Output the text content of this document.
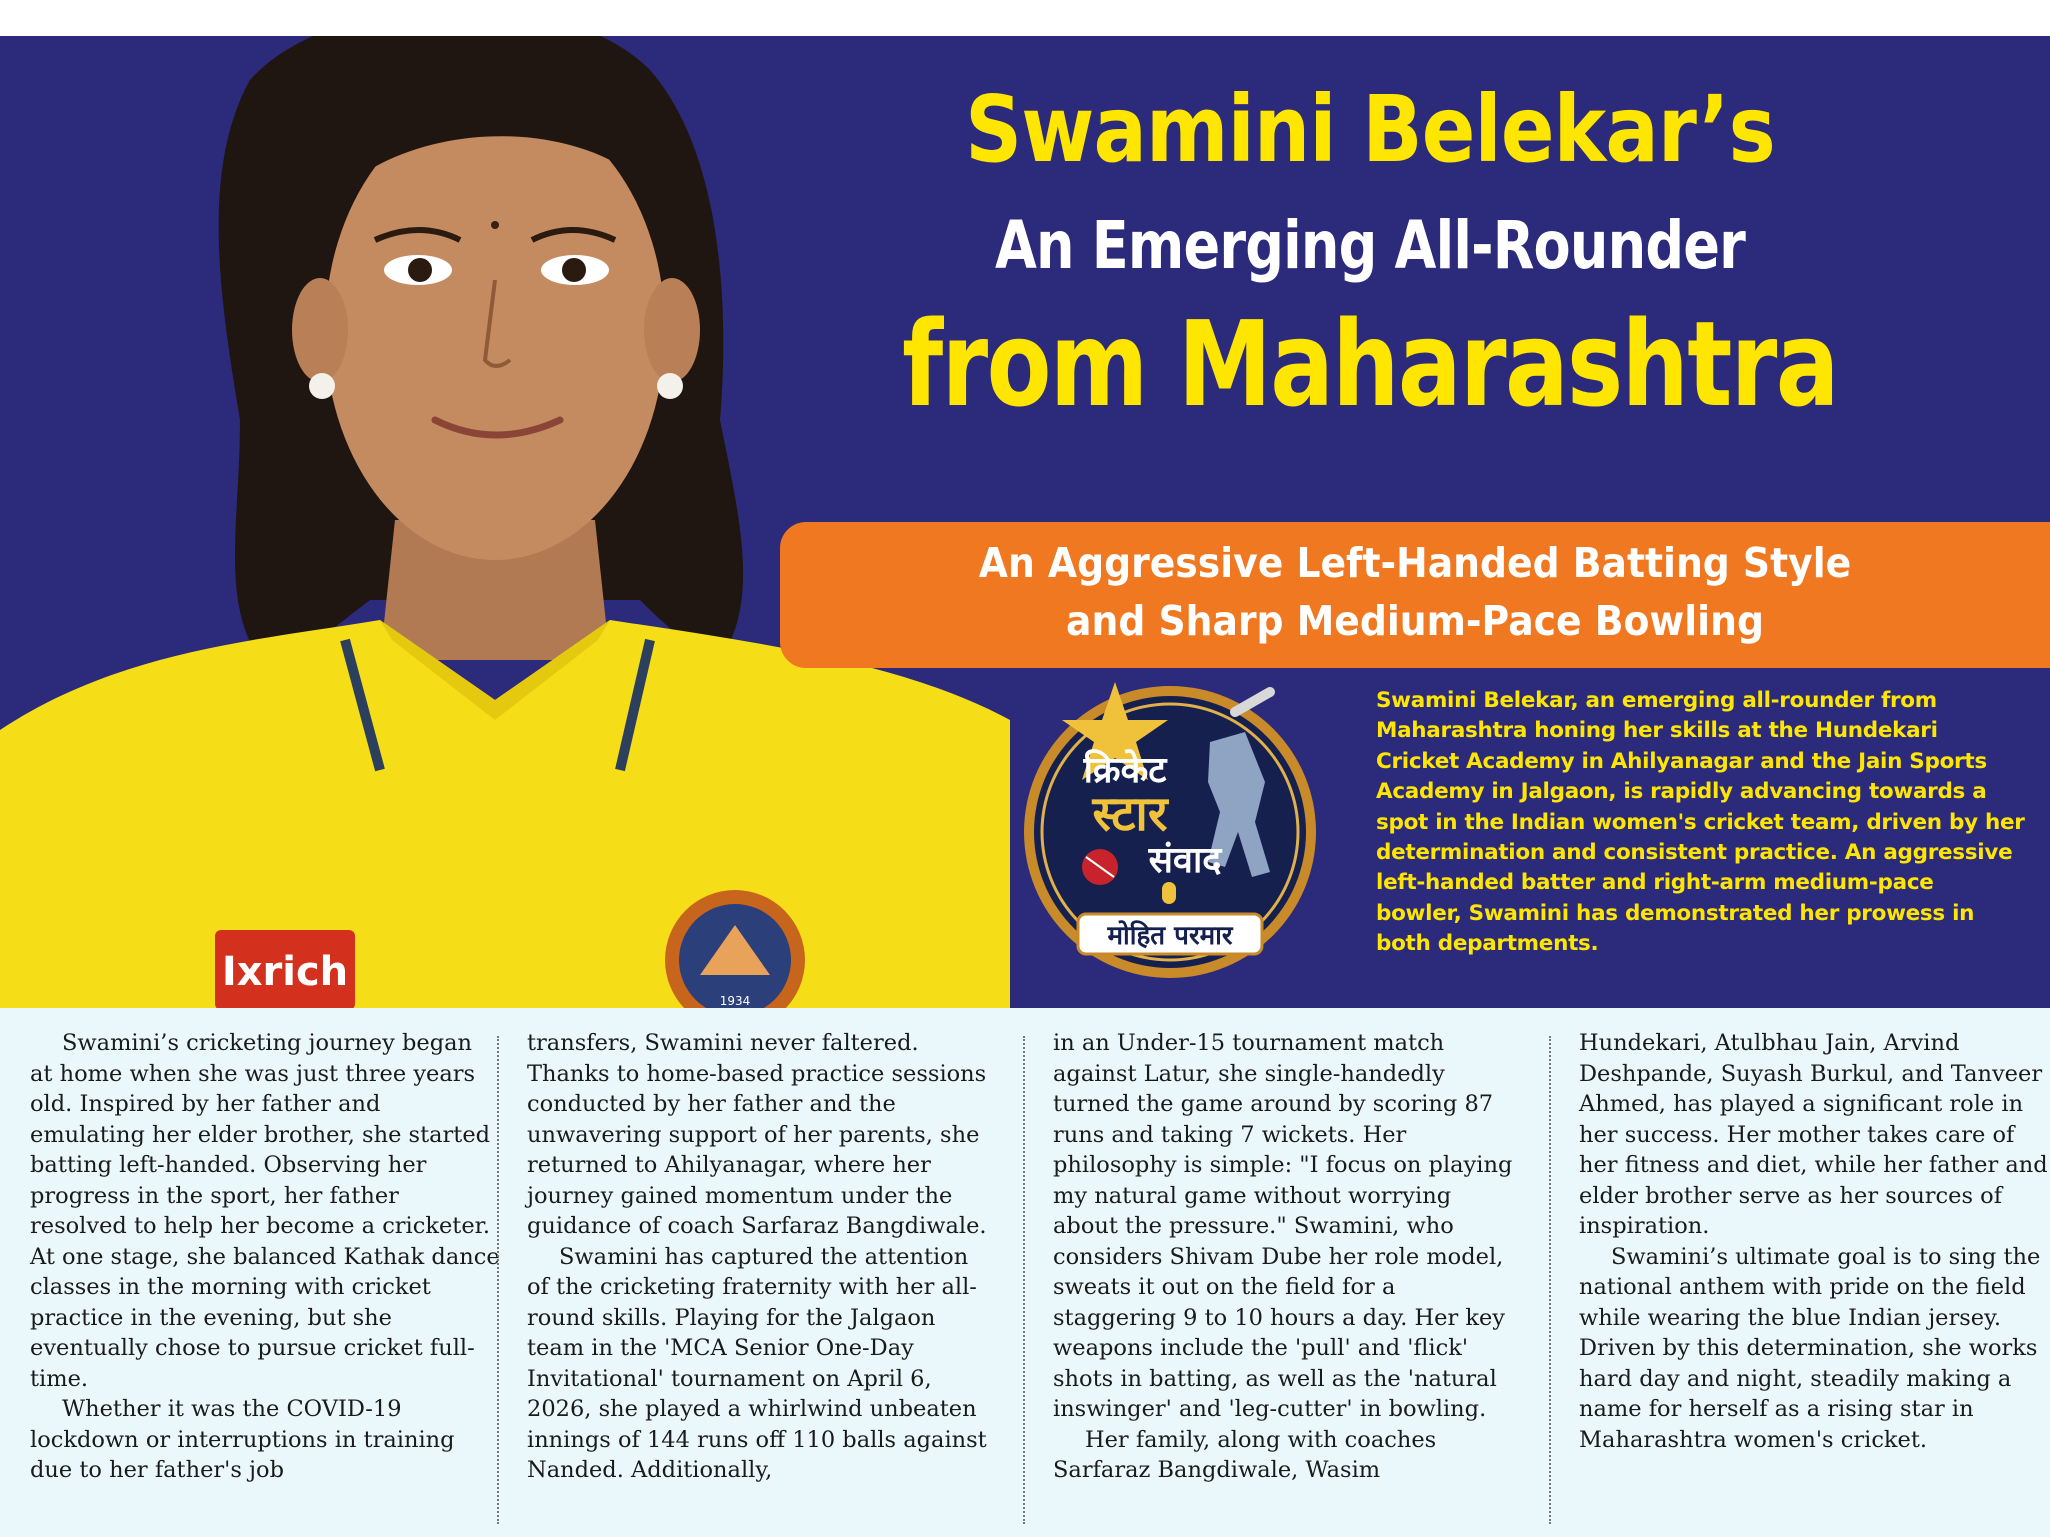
Ixrich
1934
Swamini Belekar’s
An Emerging All-Rounder
from Maharashtra
An Aggressive Left-Handed Batting Style
and Sharp Medium-Pace Bowling
क्रिकेट
स्टार
संवाद
मोहित परमार
Swamini Belekar, an emerging all-rounder from Maharashtra honing her skills at the Hundekari Cricket Academy in Ahilyanagar and the Jain Sports Academy in Jalgaon, is rapidly advancing towards a spot in the Indian women's cricket team, driven by her determination and consistent practice. An aggressive left-handed batter and right-arm medium-pace bowler, Swamini has demonstrated her prowess in both departments.

Swamini’s cricketing journey began at home when she was just three years old. Inspired by her father and emulating her elder brother, she started batting left-handed. Observing her progress in the sport, her father resolved to help her become a cricketer. At one stage, she balanced Kathak dance classes in the morning with cricket practice in the evening, but she eventually chose to pursue cricket full-time.

Whether it was the COVID-19 lockdown or interruptions in training due to her father's job

transfers, Swamini never faltered. Thanks to home-based practice sessions conducted by her father and the unwavering support of her parents, she returned to Ahilyanagar, where her journey gained momentum under the guidance of coach Sarfaraz Bangdiwale.

Swamini has captured the attention of the cricketing fraternity with her all-round skills. Playing for the Jalgaon team in the 'MCA Senior One-Day Invitational' tournament on April 6, 2026, she played a whirlwind unbeaten innings of 144 runs off 110 balls against Nanded. Additionally,

in an Under-15 tournament match against Latur, she single-handedly turned the game around by scoring 87 runs and taking 7 wickets. Her philosophy is simple: "I focus on playing my natural game without worrying about the pressure." Swamini, who considers Shivam Dube her role model, sweats it out on the field for a staggering 9 to 10 hours a day. Her key weapons include the 'pull' and 'flick' shots in batting, as well as the 'natural inswinger' and 'leg-cutter' in bowling.

Her family, along with coaches Sarfaraz Bangdiwale, Wasim

Hundekari, Atulbhau Jain, Arvind Deshpande, Suyash Burkul, and Tanveer Ahmed, has played a significant role in her success. Her mother takes care of her fitness and diet, while her father and elder brother serve as her sources of inspiration.

Swamini’s ultimate goal is to sing the national anthem with pride on the field while wearing the blue Indian jersey. Driven by this determination, she works hard day and night, steadily making a name for herself as a rising star in Maharashtra women's cricket.
